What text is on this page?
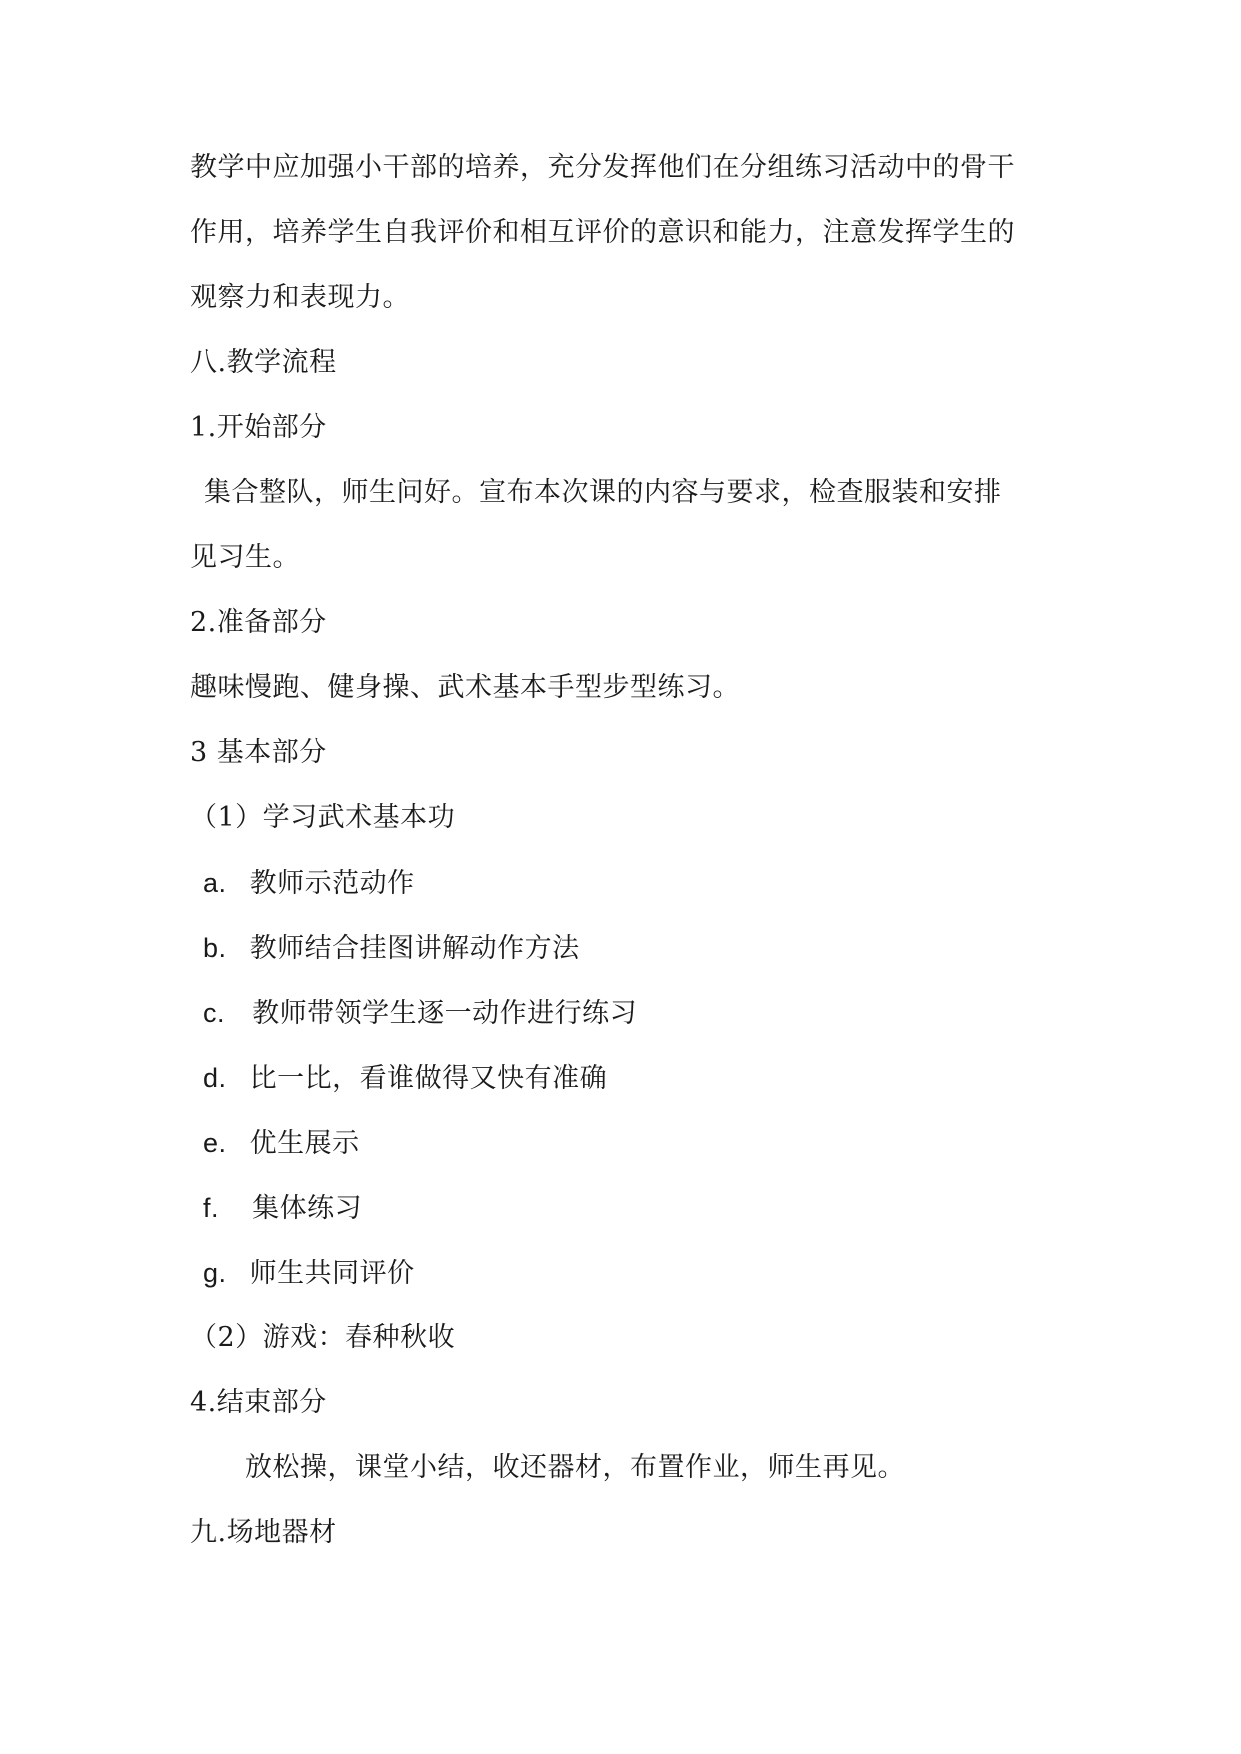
教学中应加强小干部的培养，充分发挥他们在分组练习活动中的骨干
作用，培养学生自我评价和相互评价的意识和能力，注意发挥学生的
观察力和表现力。
八.教学流程
1.开始部分
集合整队，师生问好。宣布本次课的内容与要求，检查服装和安排
见习生。
2.准备部分
趣味慢跑、健身操、武术基本手型步型练习。
3 基本部分
（1）学习武术基本功
a. 教师示范动作
b. 教师结合挂图讲解动作方法
c. 教师带领学生逐一动作进行练习
d. 比一比，看谁做得又快有准确
e. 优生展示
f. 集体练习
g. 师生共同评价
（2）游戏：春种秋收
4.结束部分
放松操，课堂小结，收还器材，布置作业，师生再见。
九.场地器材
